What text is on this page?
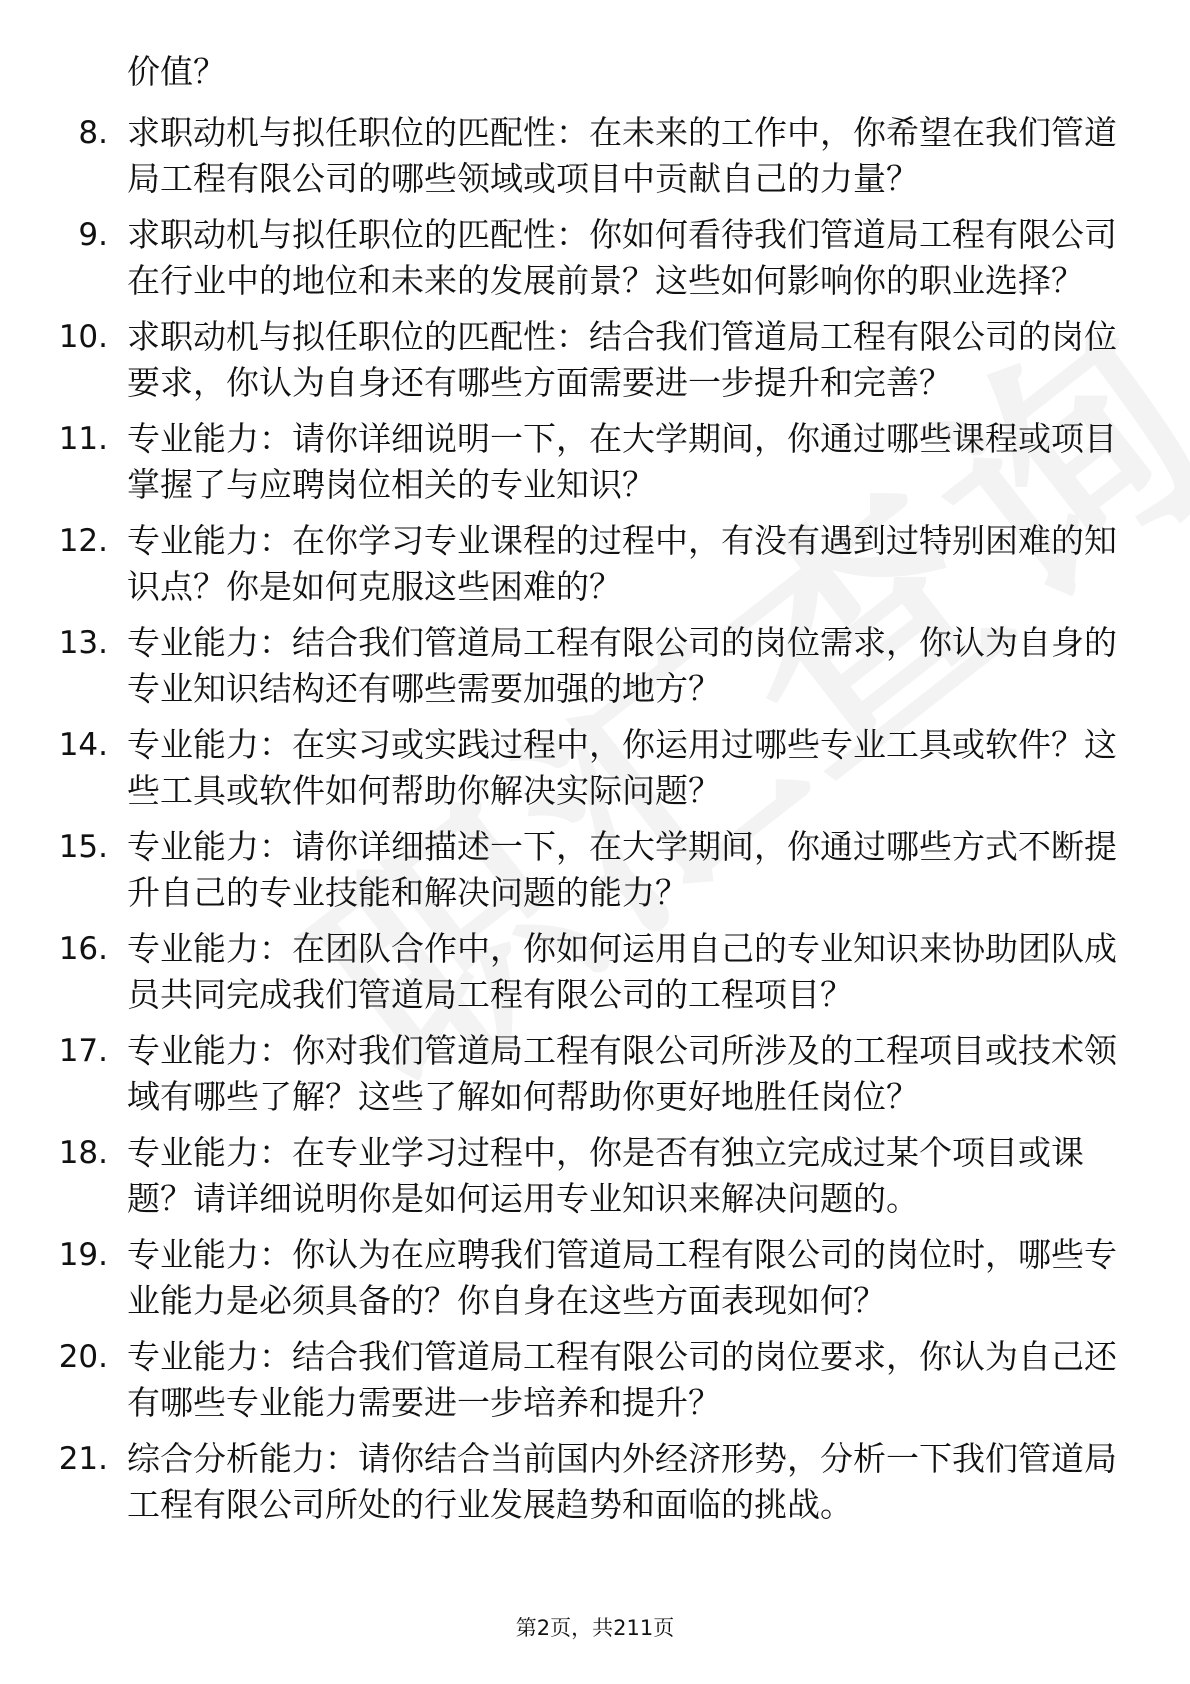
价值？
8. 求职动机与拟任职位的匹配性：在未来的工作中，你希望在我们管道局工程有限公司的哪些领域或项目中贡献自己的力量？
9. 求职动机与拟任职位的匹配性：你如何看待我们管道局工程有限公司在行业中的地位和未来的发展前景？这些如何影响你的职业选择？
10. 求职动机与拟任职位的匹配性：结合我们管道局工程有限公司的岗位要求，你认为自身还有哪些方面需要进一步提升和完善？
11. 专业能力：请你详细说明一下，在大学期间，你通过哪些课程或项目掌握了与应聘岗位相关的专业知识？
12. 专业能力：在你学习专业课程的过程中，有没有遇到过特别困难的知识点？你是如何克服这些困难的？
13. 专业能力：结合我们管道局工程有限公司的岗位需求，你认为自身的专业知识结构还有哪些需要加强的地方？
14. 专业能力：在实习或实践过程中，你运用过哪些专业工具或软件？这些工具或软件如何帮助你解决实际问题？
15. 专业能力：请你详细描述一下，在大学期间，你通过哪些方式不断提升自己的专业技能和解决问题的能力？
16. 专业能力：在团队合作中，你如何运用自己的专业知识来协助团队成员共同完成我们管道局工程有限公司的工程项目？
17. 专业能力：你对我们管道局工程有限公司所涉及的工程项目或技术领域有哪些了解？这些了解如何帮助你更好地胜任岗位？
18. 专业能力：在专业学习过程中，你是否有独立完成过某个项目或课题？请详细说明你是如何运用专业知识来解决问题的。
19. 专业能力：你认为在应聘我们管道局工程有限公司的岗位时，哪些专业能力是必须具备的？你自身在这些方面表现如何？
20. 专业能力：结合我们管道局工程有限公司的岗位要求，你认为自己还有哪些专业能力需要进一步培养和提升？
21. 综合分析能力：请你结合当前国内外经济形势，分析一下我们管道局工程有限公司所处的行业发展趋势和面临的挑战。
第2页，共211页
